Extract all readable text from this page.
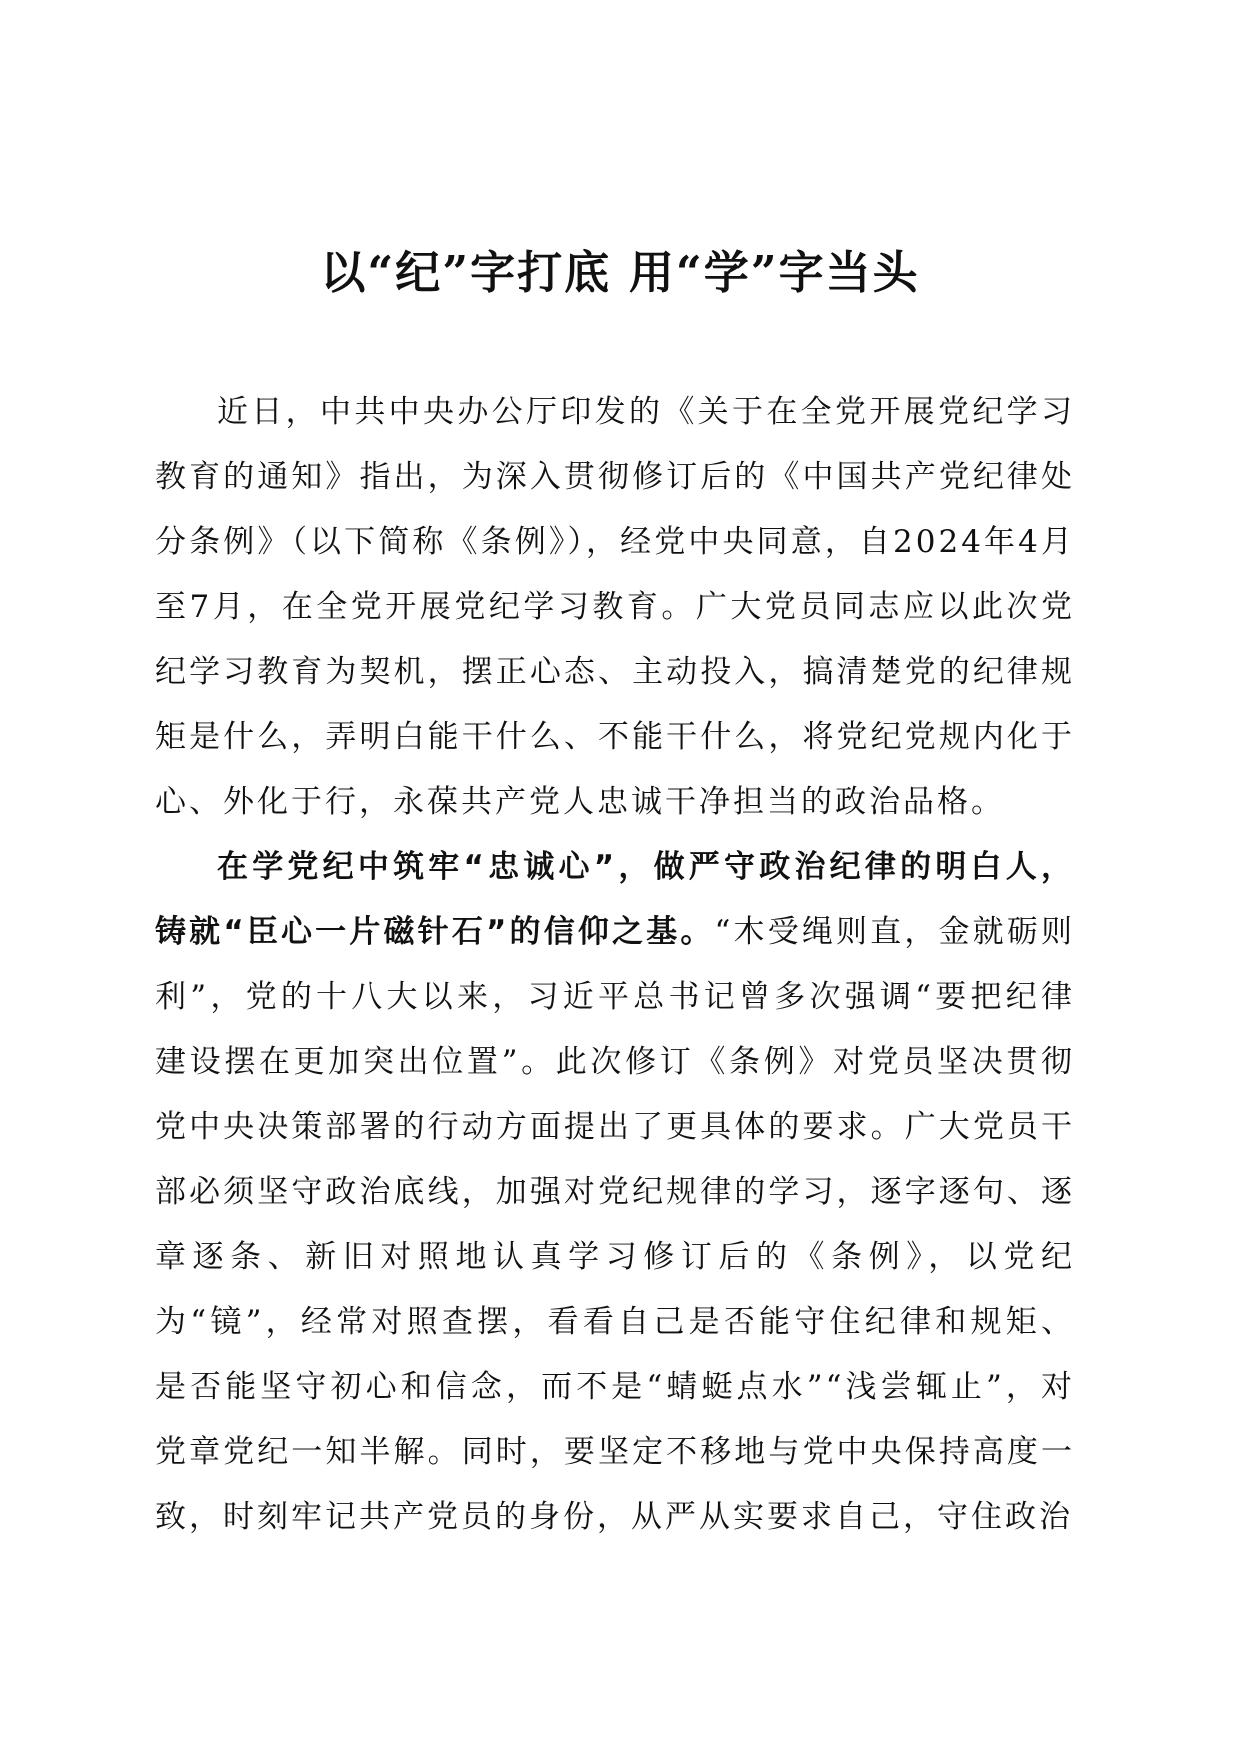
以“纪”字打底 用“学”字当头

近日，中共中央办公厅印发的《关于在全党开展党纪学习教育的通知》指出，为深入贯彻修订后的《中国共产党纪律处分条例》（以下简称《条例》），经党中央同意，自2024年4月至7月，在全党开展党纪学习教育。广大党员同志应以此次党纪学习教育为契机，摆正心态、主动投入，搞清楚党的纪律规矩是什么，弄明白能干什么、不能干什么，将党纪党规内化于心、外化于行，永葆共产党人忠诚干净担当的政治品格。

在学党纪中筑牢“忠诚心”，做严守政治纪律的明白人，铸就“臣心一片磁针石”的信仰之基。“木受绳则直，金就砺则利”，党的十八大以来，习近平总书记曾多次强调“要把纪律建设摆在更加突出位置”。此次修订《条例》对党员坚决贯彻党中央决策部署的行动方面提出了更具体的要求。广大党员干部必须坚守政治底线，加强对党纪规律的学习，逐字逐句、逐章逐条、新旧对照地认真学习修订后的《条例》，以党纪为“镜”，经常对照查摆，看看自己是否能守住纪律和规矩、是否能坚守初心和信念，而不是“蜻蜓点水”“浅尝辄止”，对党章党纪一知半解。同时，要坚定不移地与党中央保持高度一致，时刻牢记共产党员的身份，从严从实要求自己，守住政治
